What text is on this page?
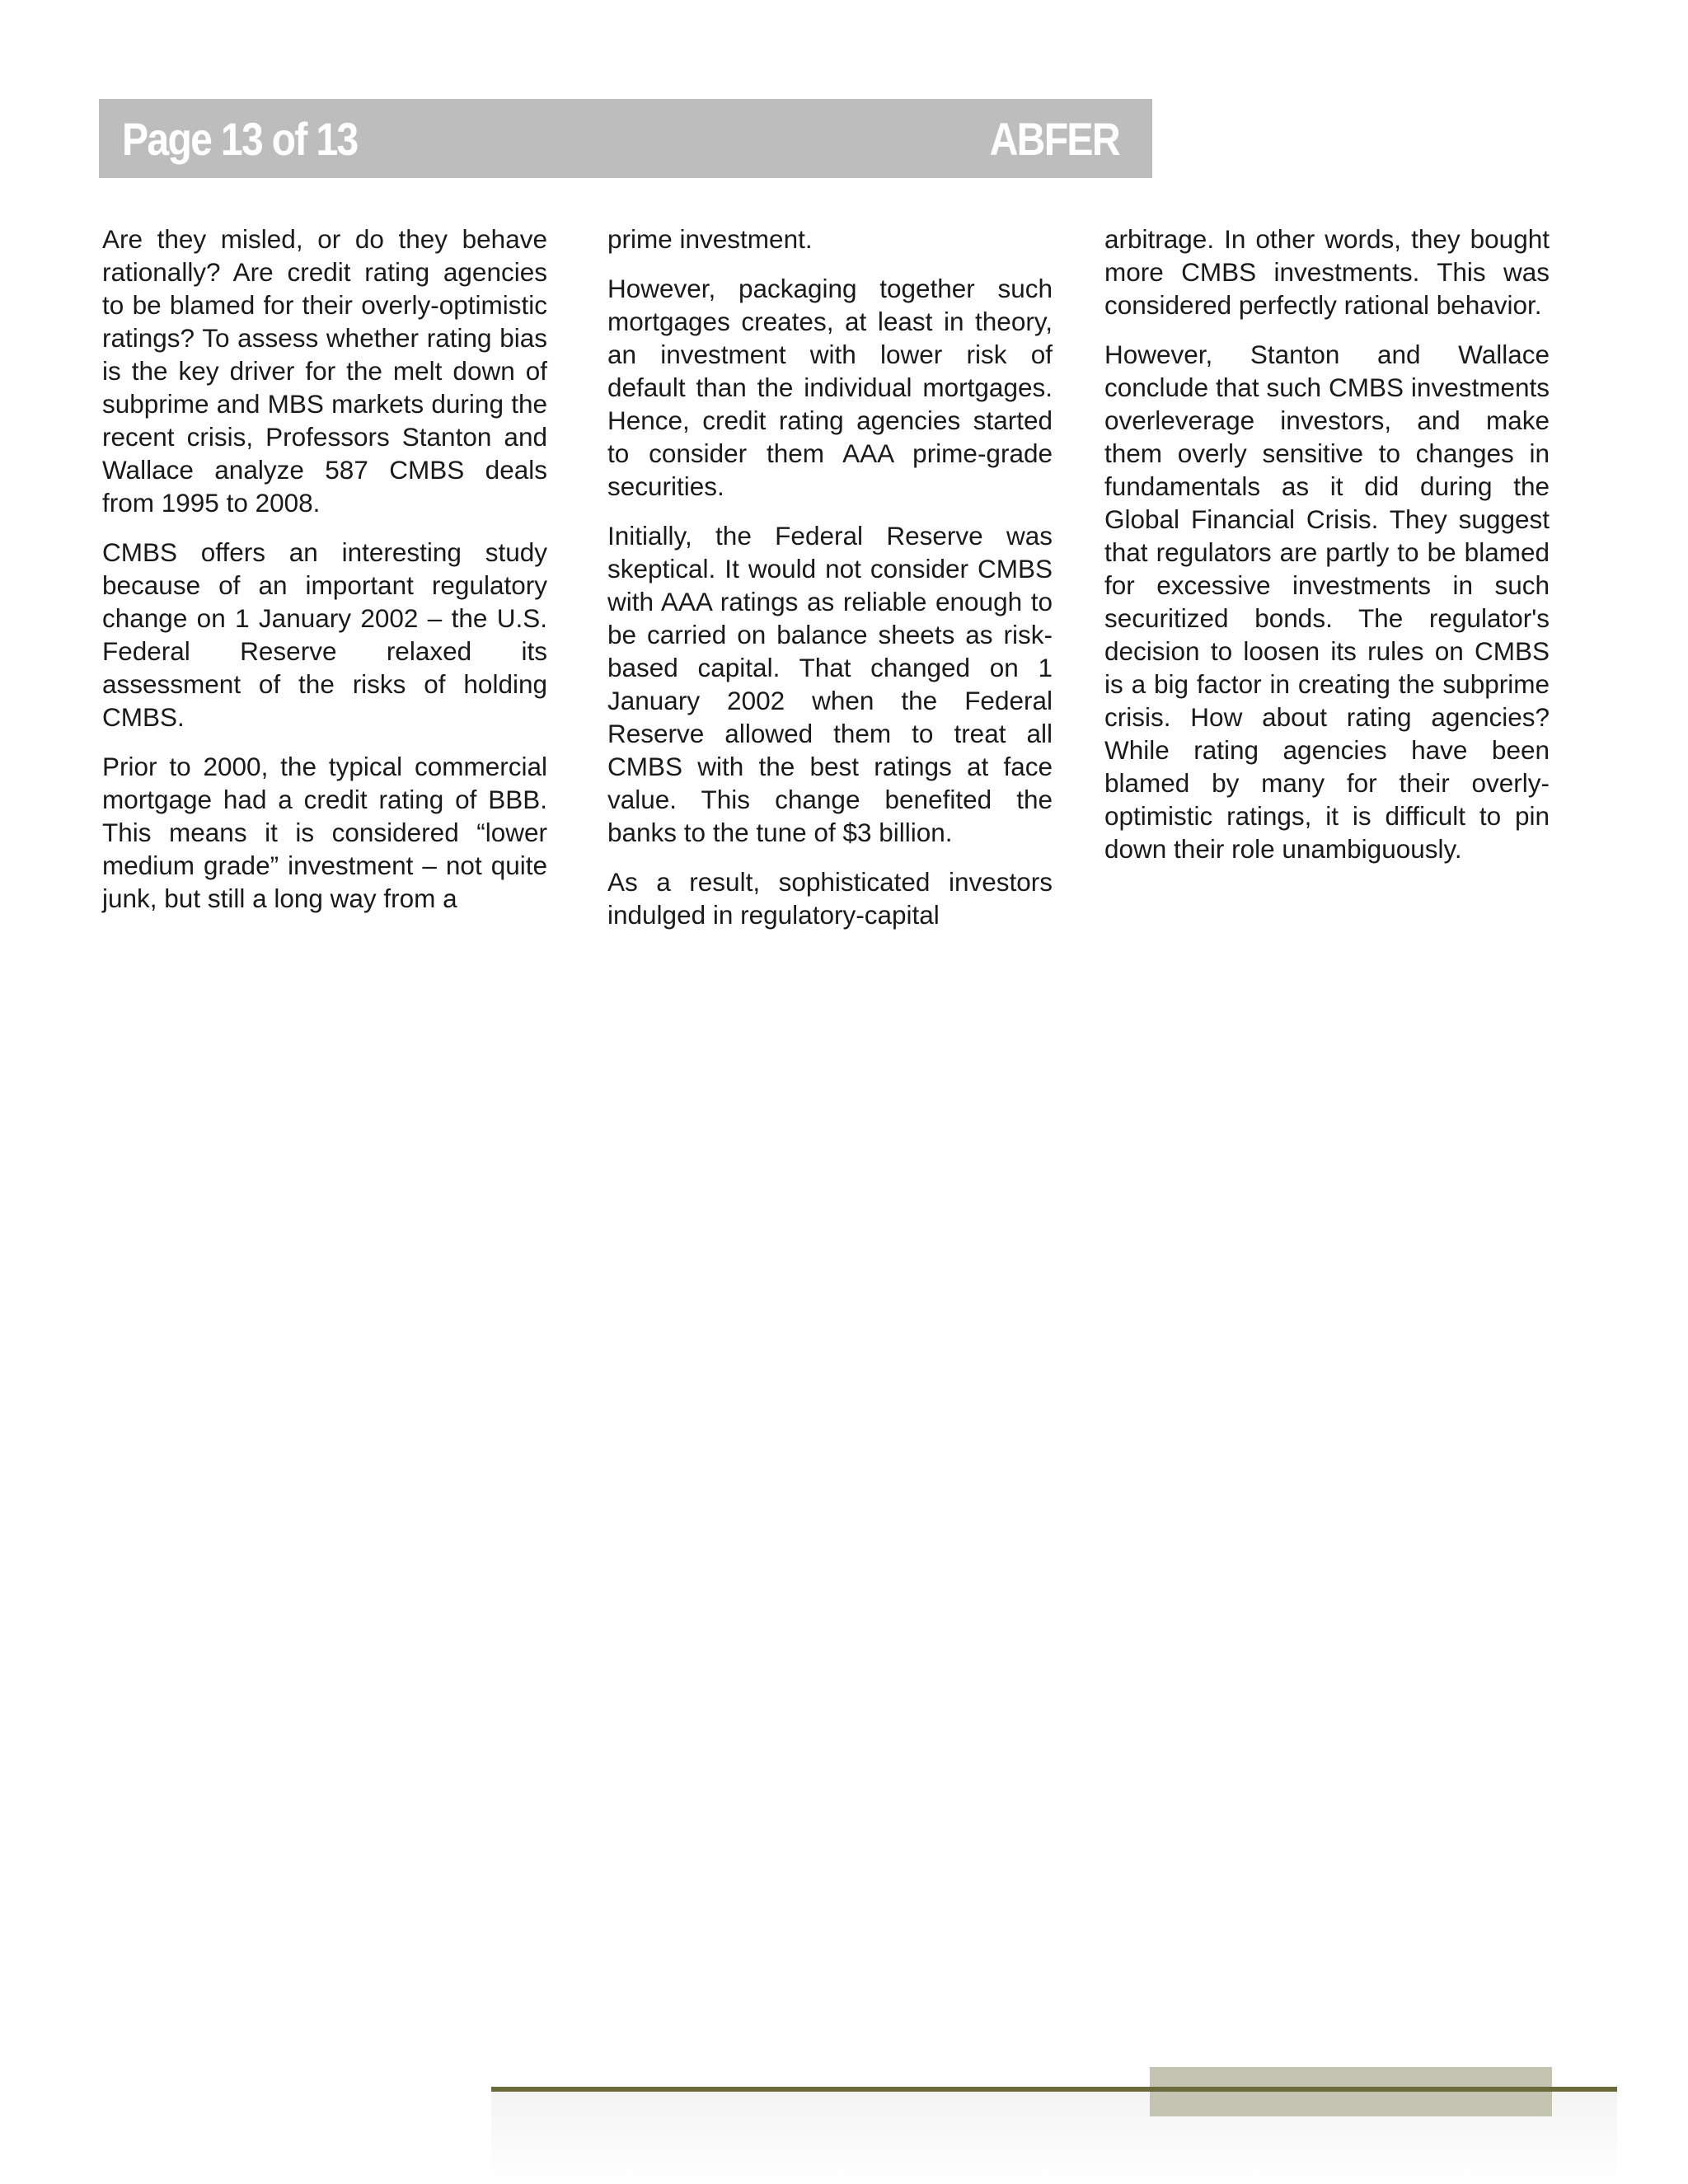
Page 13 of 13	ABFER

Are they misled, or do they behave rationally? Are credit rating agencies to be blamed for their overly-optimistic ratings? To assess whether rating bias is the key driver for the melt down of subprime and MBS markets during the recent crisis, Professors Stanton and Wallace analyze 587 CMBS deals from 1995 to 2008.

CMBS offers an interesting study because of an important regulatory change on 1 January 2002 – the U.S. Federal Reserve relaxed its assessment of the risks of holding CMBS.

Prior to 2000, the typical commercial mortgage had a credit rating of BBB. This means it is considered “lower medium grade” investment – not quite junk, but still a long way from a

prime investment.

However, packaging together such mortgages creates, at least in theory, an investment with lower risk of default than the individual mortgages. Hence, credit rating agencies started to consider them AAA prime-grade securities.

Initially, the Federal Reserve was skeptical. It would not consider CMBS with AAA ratings as reliable enough to be carried on balance sheets as risk-based capital. That changed on 1 January 2002 when the Federal Reserve allowed them to treat all CMBS with the best ratings at face value. This change benefited the banks to the tune of $3 billion.

As a result, sophisticated investors indulged in regulatory-capital

arbitrage. In other words, they bought more CMBS investments. This was considered perfectly rational behavior.

However, Stanton and Wallace conclude that such CMBS investments overleverage investors, and make them overly sensitive to changes in fundamentals as it did during the Global Financial Crisis. They suggest that regulators are partly to be blamed for excessive investments in such securitized bonds. The regulator's decision to loosen its rules on CMBS is a big factor in creating the subprime crisis. How about rating agencies? While rating agencies have been blamed by many for their overly-optimistic ratings, it is difficult to pin down their role unambiguously.
